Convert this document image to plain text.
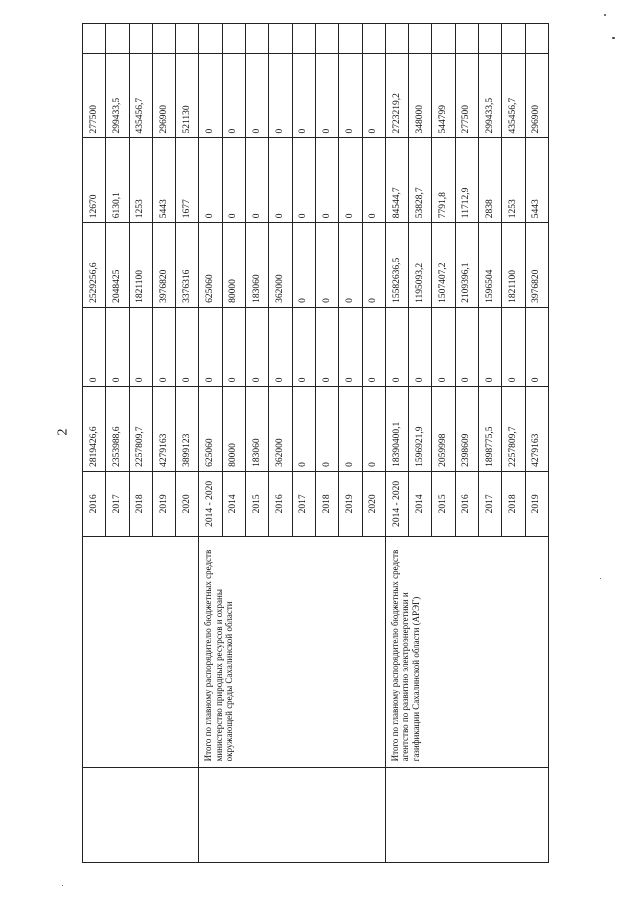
2
		2016	2819426,6	0	2529256,6	12670	277500	
		2017	2353988,6	0	2048425	6130,1	299433,5	
		2018	2257809,7	0	1821100	1253	435456,7	
		2019	4279163	0	3976820	5443	296900	
		2020	3899123	0	3376316	1677	521130	
	Итого по главному распорядителю бюджетных средств министерство природных ресурсов и охраны окружающей среды Сахалинской области	2014 - 2020	625060	0	625060	0	0	
		2014	80000	0	80000	0	0	
		2015	183060	0	183060	0	0	
		2016	362000	0	362000	0	0	
		2017	0	0	0	0	0	
		2018	0	0	0	0	0	
		2019	0	0	0	0	0	
		2020	0	0	0	0	0	
	Итого по главному распорядителю бюджетных средств агентство по развитию электроэнергетики и газификации Сахалинской области (АРЭГ)	2014 - 2020	18390400,1	0	15582636,5	84544,7	2723219,2	
		2014	1596921,9	0	1195093,2	53828,7	348000	
		2015	2059998	0	1507407,2	7791,8	544799	
		2016	2398609	0	2109396,1	11712,9	277500	
		2017	1898775,5	0	1596504	2838	299433,5	
		2018	2257809,7	0	1821100	1253	435456,7	
		2019	4279163	0	3976820	5443	296900	
